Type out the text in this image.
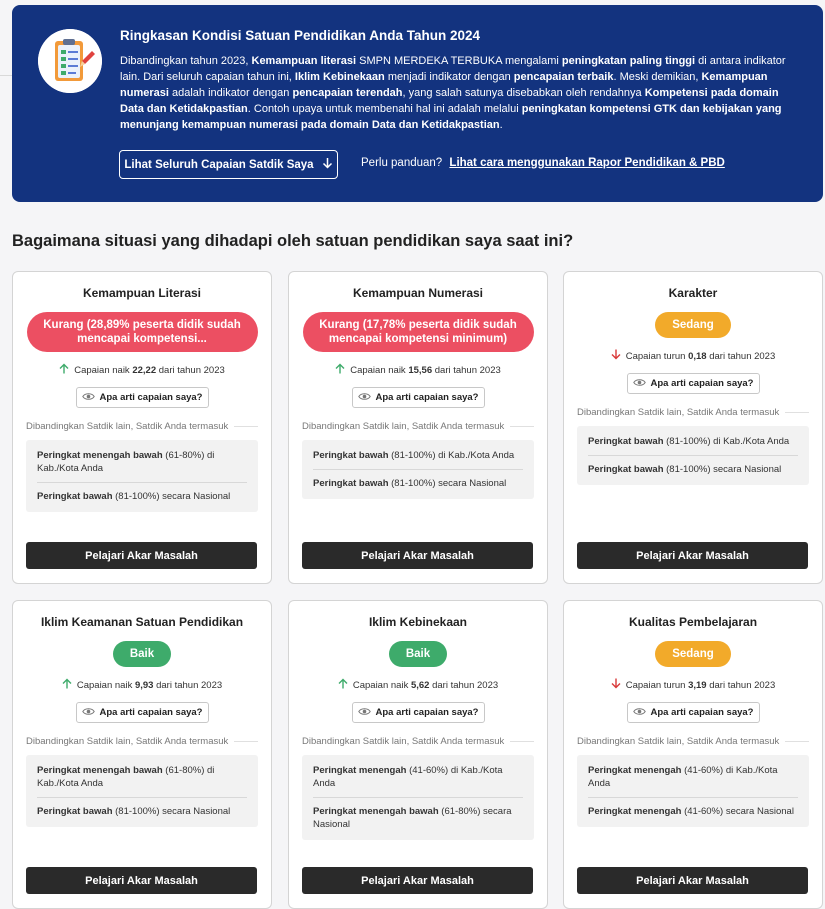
Ringkasan Kondisi Satuan Pendidikan Anda Tahun 2024
Dibandingkan tahun 2023, Kemampuan literasi SMPN MERDEKA TERBUKA mengalami peningkatan paling tinggi di antara indikator lain. Dari seluruh capaian tahun ini, Iklim Kebinekaan menjadi indikator dengan pencapaian terbaik. Meski demikian, Kemampuan numerasi adalah indikator dengan pencapaian terendah, yang salah satunya disebabkan oleh rendahnya Kompetensi pada domain Data dan Ketidakpastian. Contoh upaya untuk membenahi hal ini adalah melalui peningkatan kompetensi GTK dan kebijakan yang menunjang kemampuan numerasi pada domain Data dan Ketidakpastian.
Lihat Seluruh Capaian Satdik Saya	Perlu panduan? Lihat cara menggunakan Rapor Pendidikan & PBD
Bagaimana situasi yang dihadapi oleh satuan pendidikan saya saat ini?
Kemampuan Literasi
Kurang (28,89% peserta didik sudah mencapai kompetensi...
Capaian naik 22,22 dari tahun 2023
Apa arti capaian saya?
Dibandingkan Satdik lain, Satdik Anda termasuk
Peringkat menengah bawah (61-80%) di Kab./Kota Anda
Peringkat bawah (81-100%) secara Nasional
Pelajari Akar Masalah
Kemampuan Numerasi
Kurang (17,78% peserta didik sudah mencapai kompetensi minimum)
Capaian naik 15,56 dari tahun 2023
Apa arti capaian saya?
Dibandingkan Satdik lain, Satdik Anda termasuk
Peringkat bawah (81-100%) di Kab./Kota Anda
Peringkat bawah (81-100%) secara Nasional
Pelajari Akar Masalah
Karakter
Sedang
Capaian turun 0,18 dari tahun 2023
Apa arti capaian saya?
Dibandingkan Satdik lain, Satdik Anda termasuk
Peringkat bawah (81-100%) di Kab./Kota Anda
Peringkat bawah (81-100%) secara Nasional
Pelajari Akar Masalah
Iklim Keamanan Satuan Pendidikan
Baik
Capaian naik 9,93 dari tahun 2023
Apa arti capaian saya?
Dibandingkan Satdik lain, Satdik Anda termasuk
Peringkat menengah bawah (61-80%) di Kab./Kota Anda
Peringkat bawah (81-100%) secara Nasional
Pelajari Akar Masalah
Iklim Kebinekaan
Baik
Capaian naik 5,62 dari tahun 2023
Apa arti capaian saya?
Dibandingkan Satdik lain, Satdik Anda termasuk
Peringkat menengah (41-60%) di Kab./Kota Anda
Peringkat menengah bawah (61-80%) secara Nasional
Pelajari Akar Masalah
Kualitas Pembelajaran
Sedang
Capaian turun 3,19 dari tahun 2023
Apa arti capaian saya?
Dibandingkan Satdik lain, Satdik Anda termasuk
Peringkat menengah (41-60%) di Kab./Kota Anda
Peringkat menengah (41-60%) secara Nasional
Pelajari Akar Masalah
